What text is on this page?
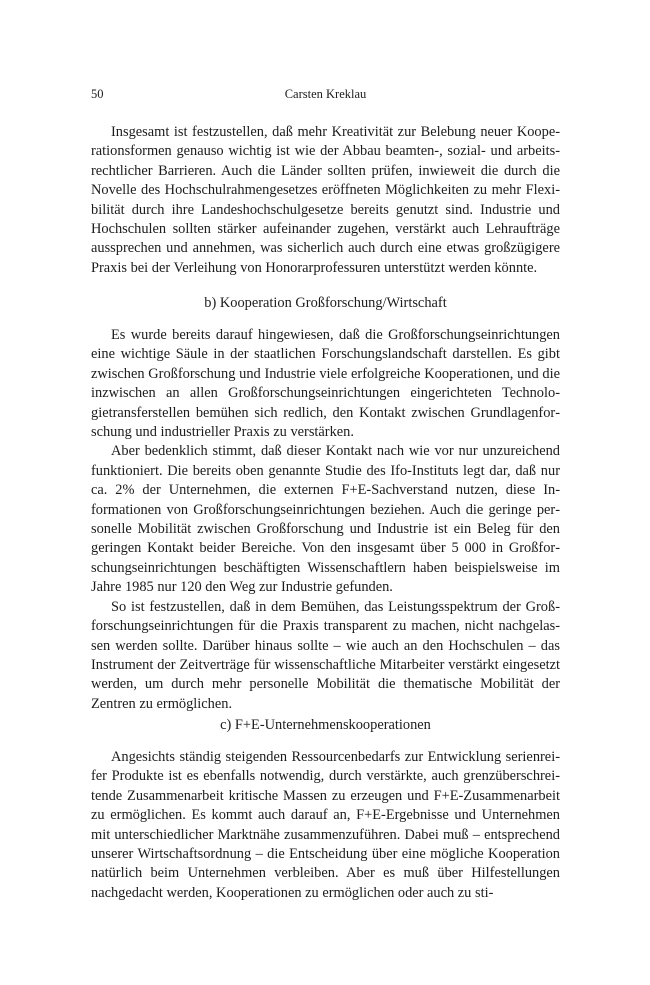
50	Carsten Kreklau

Insgesamt ist festzustellen, daß mehr Kreativität zur Belebung neuer Kooperationsformen genauso wichtig ist wie der Abbau beamten-, sozial- und arbeitsrechtlicher Barrieren. Auch die Länder sollten prüfen, inwieweit die durch die Novelle des Hochschulrahmengesetzes eröffneten Möglichkeiten zu mehr Flexibilität durch ihre Landeshochschulgesetze bereits genutzt sind. Industrie und Hochschulen sollten stärker aufeinander zugehen, verstärkt auch Lehraufträge aussprechen und annehmen, was sicherlich auch durch eine etwas großzügigere Praxis bei der Verleihung von Honorarprofessuren unterstützt werden könnte.

b) Kooperation Großforschung/Wirtschaft

Es wurde bereits darauf hingewiesen, daß die Großforschungseinrichtungen eine wichtige Säule in der staatlichen Forschungslandschaft darstellen. Es gibt zwischen Großforschung und Industrie viele erfolgreiche Kooperationen, und die inzwischen an allen Großforschungseinrichtungen eingerichteten Technologietransferstellen bemühen sich redlich, den Kontakt zwischen Grundlagenforschung und industrieller Praxis zu verstärken.

Aber bedenklich stimmt, daß dieser Kontakt nach wie vor nur unzureichend funktioniert. Die bereits oben genannte Studie des Ifo-Instituts legt dar, daß nur ca. 2% der Unternehmen, die externen F+E-Sachverstand nutzen, diese Informationen von Großforschungseinrichtungen beziehen. Auch die geringe personelle Mobilität zwischen Großforschung und Industrie ist ein Beleg für den geringen Kontakt beider Bereiche. Von den insgesamt über 5 000 in Großforschungseinrichtungen beschäftigten Wissenschaftlern haben beispielsweise im Jahre 1985 nur 120 den Weg zur Industrie gefunden.

So ist festzustellen, daß in dem Bemühen, das Leistungsspektrum der Großforschungseinrichtungen für die Praxis transparent zu machen, nicht nachgelassen werden sollte. Darüber hinaus sollte – wie auch an den Hochschulen – das Instrument der Zeitverträge für wissenschaftliche Mitarbeiter verstärkt eingesetzt werden, um durch mehr personelle Mobilität die thematische Mobilität der Zentren zu ermöglichen.

c) F+E-Unternehmenskooperationen

Angesichts ständig steigenden Ressourcenbedarfs zur Entwicklung serienreifer Produkte ist es ebenfalls notwendig, durch verstärkte, auch grenzüberschreitende Zusammenarbeit kritische Massen zu erzeugen und F+E-Zusammenarbeit zu ermöglichen. Es kommt auch darauf an, F+E-Ergebnisse und Unternehmen mit unterschiedlicher Marktnähe zusammenzuführen. Dabei muß – entsprechend unserer Wirtschaftsordnung – die Entscheidung über eine mögliche Kooperation natürlich beim Unternehmen verbleiben. Aber es muß über Hilfestellungen nachgedacht werden, Kooperationen zu ermöglichen oder auch zu sti-
